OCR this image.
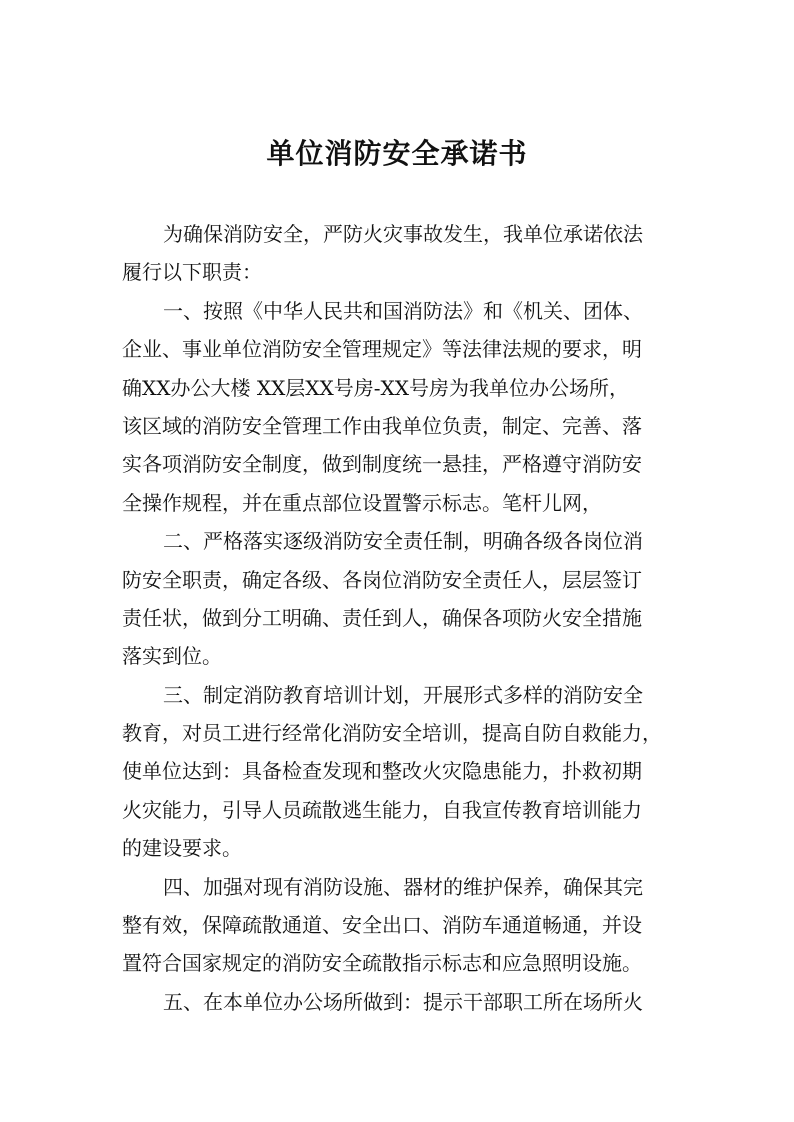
单位消防安全承诺书
为确保消防安全，严防火灾事故发生，我单位承诺依法
履行以下职责：
一、按照《中华人民共和国消防法》和《机关、团体、
企业、事业单位消防安全管理规定》等法律法规的要求，明
确XX办公大楼 XX层XX号房-XX号房为我单位办公场所，
该区域的消防安全管理工作由我单位负责，制定、完善、落
实各项消防安全制度，做到制度统一悬挂，严格遵守消防安
全操作规程，并在重点部位设置警示标志。笔杆儿网，
二、严格落实逐级消防安全责任制，明确各级各岗位消
防安全职责，确定各级、各岗位消防安全责任人，层层签订
责任状，做到分工明确、责任到人，确保各项防火安全措施
落实到位。
三、制定消防教育培训计划，开展形式多样的消防安全
教育，对员工进行经常化消防安全培训，提高自防自救能力，
使单位达到：具备检查发现和整改火灾隐患能力，扑救初期
火灾能力，引导人员疏散逃生能力，自我宣传教育培训能力
的建设要求。
四、加强对现有消防设施、器材的维护保养，确保其完
整有效，保障疏散通道、安全出口、消防车通道畅通，并设
置符合国家规定的消防安全疏散指示标志和应急照明设施。
五、在本单位办公场所做到：提示干部职工所在场所火
